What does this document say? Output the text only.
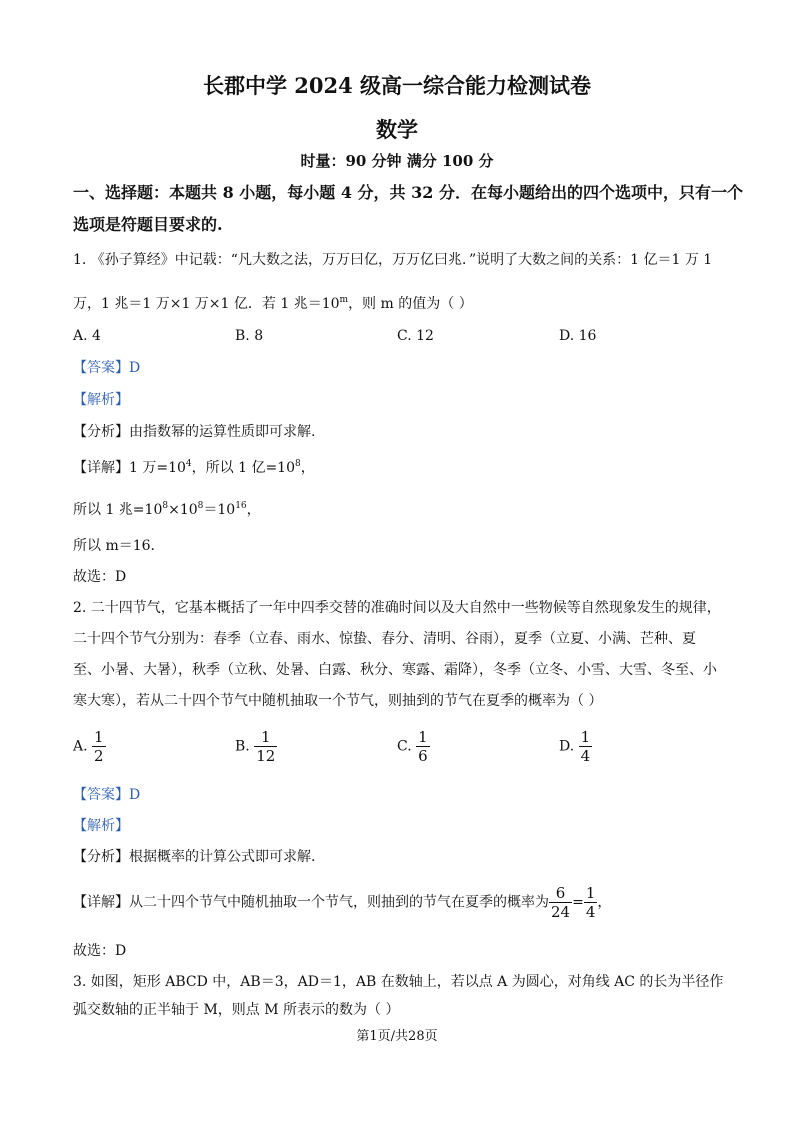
长郡中学 2024 级高一综合能力检测试卷
数学
时量：90 分钟 满分 100 分
一、选择题：本题共 8 小题，每小题 4 分，共 32 分．在每小题给出的四个选项中，只有一个
选项是符题目要求的.
1. 《孙子算经》中记载：“凡大数之法，万万曰亿，万万亿曰兆．”说明了大数之间的关系：1 亿＝1 万 1
万，1 兆＝1 万×1 万×1 亿．若 1 兆$=10^m$，则 m 的值为（ ）
A. 4	B. 8	C. 12	D. 16
【答案】D
【解析】
【分析】由指数幂的运算性质即可求解.
【详解】1 万$=10^4$，所以 1 亿$=10^8$，
所以 1 兆$=10^8\times 10^8=10^{16}$，
所以 m＝16．
故选：D
2. 二十四节气，它基本概括了一年中四季交替的准确时间以及大自然中一些物候等自然现象发生的规律，
二十四个节气分别为：春季（立春、雨水、惊蛰、春分、清明、谷雨），夏季（立夏、小满、芒种、夏
至、小暑、大暑），秋季（立秋、处暑、白露、秋分、寒露、霜降），冬季（立冬、小雪、大雪、冬至、小
寒大寒），若从二十四个节气中随机抽取一个节气，则抽到的节气在夏季的概率为（ ）
A. $\frac{1}{2}$	B. $\frac{1}{12}$	C. $\frac{1}{6}$	D. $\frac{1}{4}$
【答案】D
【解析】
【分析】根据概率的计算公式即可求解.
【详解】从二十四个节气中随机抽取一个节气，则抽到的节气在夏季的概率为 $\frac{6}{24} = \frac{1}{4}$ ，
故选：D
3. 如图，矩形 ABCD 中，AB＝3，AD＝1，AB 在数轴上，若以点 A 为圆心，对角线 AC 的长为半径作
弧交数轴的正半轴于 M，则点 M 所表示的数为（ ）
第1页/共28页
